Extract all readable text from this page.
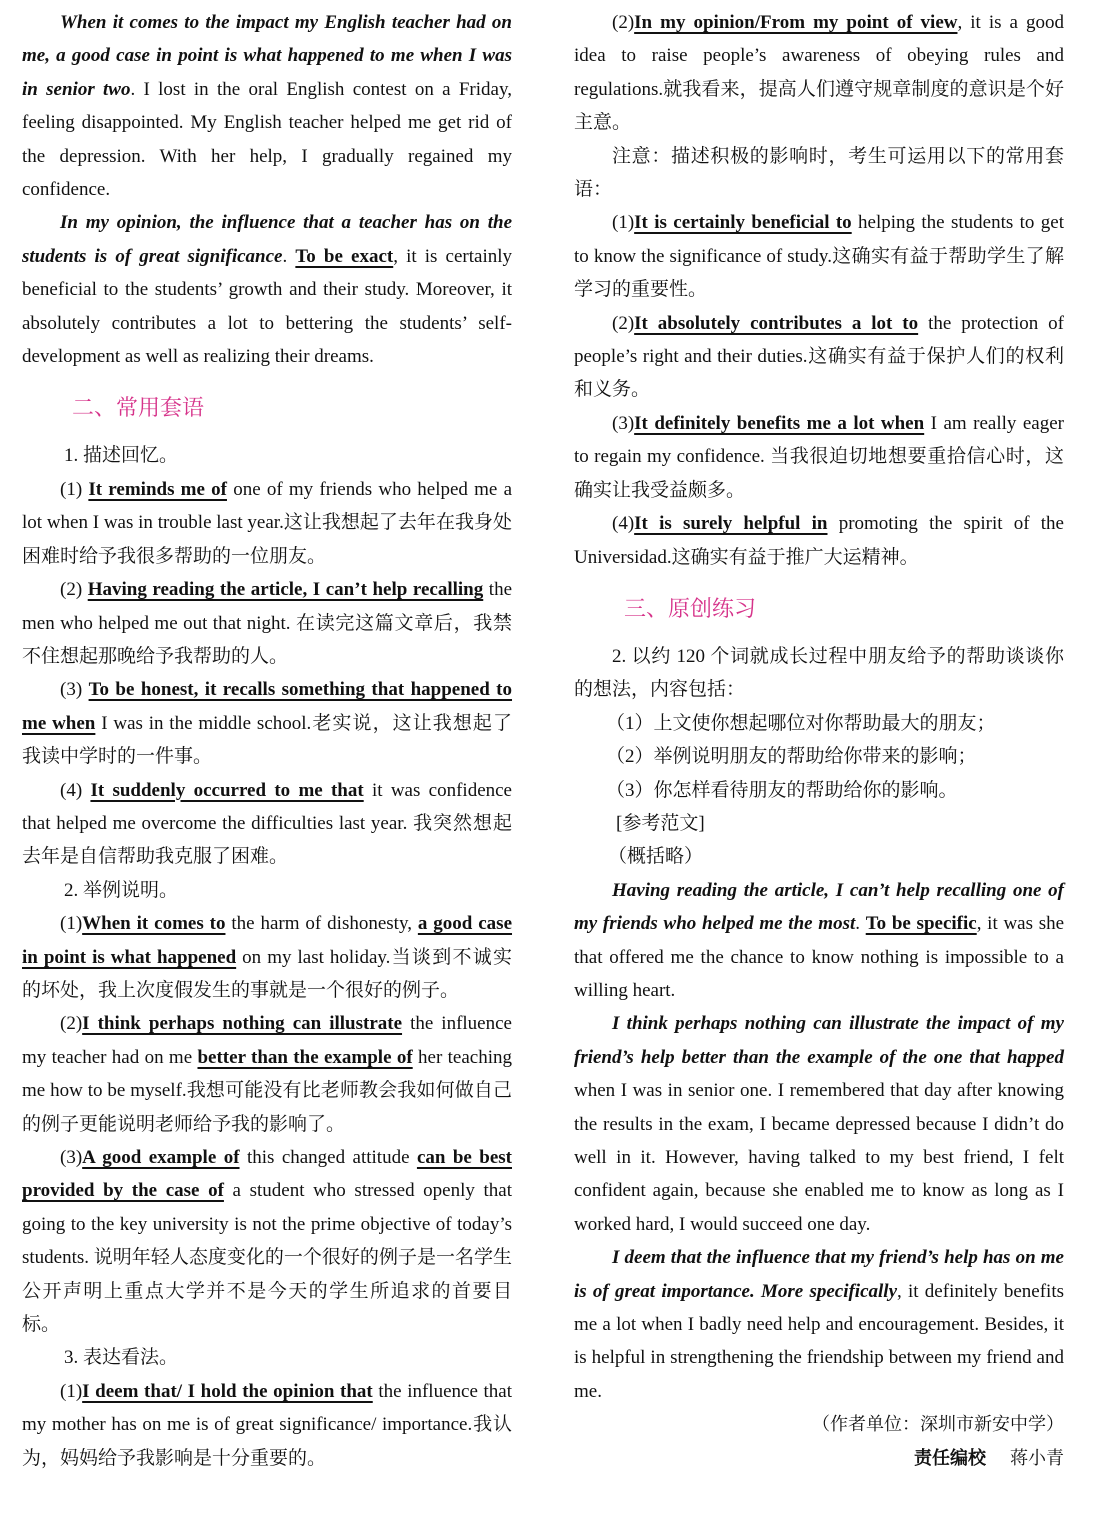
When it comes to the impact my English teacher had on me, a good case in point is what happened to me when I was in senior two. I lost in the oral English contest on a Friday, feeling disappointed. My English teacher helped me get rid of the depression. With her help, I gradually regained my confidence.

In my opinion, the influence that a teacher has on the students is of great significance. To be exact, it is certainly beneficial to the students’ growth and their study. Moreover, it absolutely contributes a lot to bettering the students’ self-development as well as realizing their dreams.

二、常用套语

1. 描述回忆。

(1) It reminds me of one of my friends who helped me a lot when I was in trouble last year.这让我想起了去年在我身处困难时给予我很多帮助的一位朋友。

(2) Having reading the article, I can’t help recalling the men who helped me out that night. 在读完这篇文章后，我禁不住想起那晚给予我帮助的人。

(3) To be honest, it recalls something that happened to me when I was in the middle school.老实说，这让我想起了我读中学时的一件事。

(4) It suddenly occurred to me that it was confidence that helped me overcome the difficulties last year. 我突然想起去年是自信帮助我克服了困难。

2. 举例说明。

(1)When it comes to the harm of dishonesty, a good case in point is what happened on my last holiday.当谈到不诚实的坏处，我上次度假发生的事就是一个很好的例子。

(2)I think perhaps nothing can illustrate the influence my teacher had on me better than the example of her teaching me how to be myself.我想可能没有比老师教会我如何做自己的例子更能说明老师给予我的影响了。

(3)A good example of this changed attitude can be best provided by the case of a student who stressed openly that going to the key university is not the prime objective of today’s students. 说明年轻人态度变化的一个很好的例子是一名学生公开声明上重点大学并不是今天的学生所追求的首要目标。

3. 表达看法。

(1)I deem that/ I hold the opinion that the influence that my mother has on me is of great significance/ importance.我认为，妈妈给予我影响是十分重要的。

(2)In my opinion/From my point of view, it is a good idea to raise people’s awareness of obeying rules and regulations.就我看来，提高人们遵守规章制度的意识是个好主意。

注意：描述积极的影响时，考生可运用以下的常用套语：

(1)It is certainly beneficial to helping the students to get to know the significance of study.这确实有益于帮助学生了解学习的重要性。

(2)It absolutely contributes a lot to the protection of people’s right and their duties.这确实有益于保护人们的权利和义务。

(3)It definitely benefits me a lot when I am really eager to regain my confidence. 当我很迫切地想要重拾信心时，这确实让我受益颇多。

(4)It is surely helpful in promoting the spirit of the Universidad.这确实有益于推广大运精神。

三、原创练习

2. 以约 120 个词就成长过程中朋友给予的帮助谈谈你的想法，内容包括：

（1）上文使你想起哪位对你帮助最大的朋友；

（2）举例说明朋友的帮助给你带来的影响；

（3）你怎样看待朋友的帮助给你的影响。

[参考范文]

（概括略）

Having reading the article, I can’t help recalling one of my friends who helped me the most. To be specific, it was she that offered me the chance to know nothing is impossible to a willing heart.

I think perhaps nothing can illustrate the impact of my friend’s help better than the example of the one that happed when I was in senior one. I remembered that day after knowing the results in the exam, I became depressed because I didn’t do well in it. However, having talked to my best friend, I felt confident again, because she enabled me to know as long as I worked hard, I would succeed one day.

I deem that the influence that my friend’s help has on me is of great importance. More specifically, it definitely benefits me a lot when I badly need help and encouragement. Besides, it is helpful in strengthening the friendship between my friend and me.

（作者单位：深圳市新安中学）

责任编校 蒋小青
